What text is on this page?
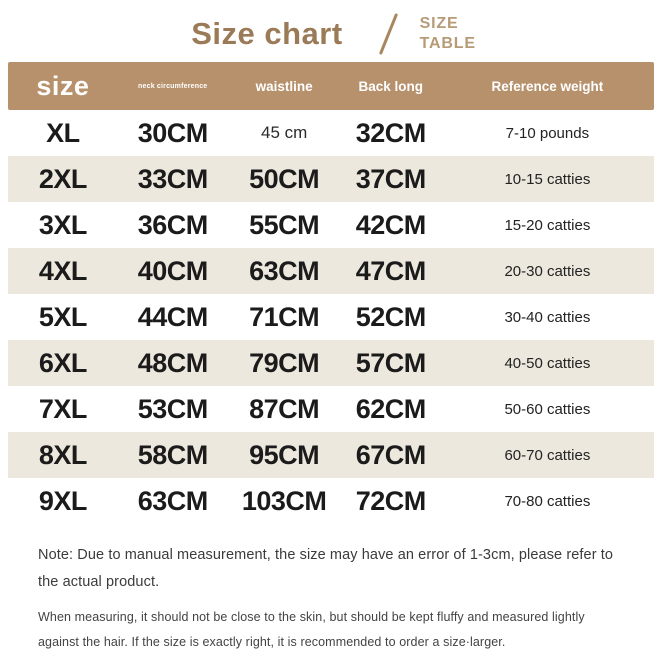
Size chart	SIZE
TABLE
size	neck circumference	waistline	Back long	Reference weight
XL	30CM	45 cm	32CM	7-10 pounds
2XL	33CM	50CM	37CM	10-15 catties
3XL	36CM	55CM	42CM	15-20 catties
4XL	40CM	63CM	47CM	20-30 catties
5XL	44CM	71CM	52CM	30-40 catties
6XL	48CM	79CM	57CM	40-50 catties
7XL	53CM	87CM	62CM	50-60 catties
8XL	58CM	95CM	67CM	60-70 catties
9XL	63CM	103CM	72CM	70-80 catties

Note: Due to manual measurement, the size may have an error of 1-3cm, please refer to the actual product.

When measuring, it should not be close to the skin, but should be kept fluffy and measured lightly against the hair. If the size is exactly right, it is recommended to order a size·larger.
